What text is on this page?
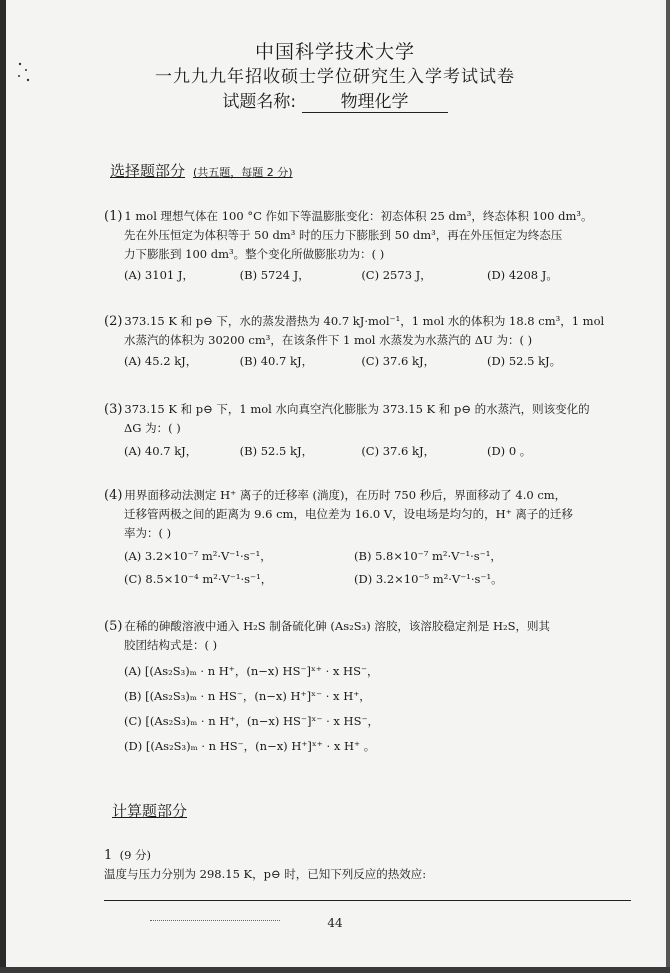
中国科学技术大学
一九九九年招收硕士学位研究生入学考试试卷
试题名称:	物理化学
选择题部分 (共五题，每题 2 分)

(1) 1 mol 理想气体在 100 °C 作如下等温膨胀变化：初态体积 25 dm³，终态体积 100 dm³。

先在外压恒定为体积等于 50 dm³ 时的压力下膨胀到 50 dm³，再在外压恒定为终态压

力下膨胀到 100 dm³。整个变化所做膨胀功为：( )

(A) 3101 J，	(B) 5724 J，	(C) 2573 J，	(D) 4208 J。

(2) 373.15 K 和 p⊖ 下，水的蒸发潜热为 40.7 kJ·mol⁻¹，1 mol 水的体积为 18.8 cm³，1 mol

水蒸汽的体积为 30200 cm³，在该条件下 1 mol 水蒸发为水蒸汽的 ΔU 为：( )

(A) 45.2 kJ，	(B) 40.7 kJ，	(C) 37.6 kJ，	(D) 52.5 kJ。

(3) 373.15 K 和 p⊖ 下，1 mol 水向真空汽化膨胀为 373.15 K 和 p⊖ 的水蒸汽，则该变化的

ΔG 为：( )

(A) 40.7 kJ，	(B) 52.5 kJ，	(C) 37.6 kJ，	(D) 0 。

(4) 用界面移动法测定 H⁺ 离子的迁移率 (淌度)，在历时 750 秒后，界面移动了 4.0 cm，

迁移管两极之间的距离为 9.6 cm，电位差为 16.0 V，设电场是均匀的，H⁺ 离子的迁移

率为：( )

(A) 3.2×10⁻⁷ m²·V⁻¹·s⁻¹，	(B) 5.8×10⁻⁷ m²·V⁻¹·s⁻¹，
(C) 8.5×10⁻⁴ m²·V⁻¹·s⁻¹，	(D) 3.2×10⁻⁵ m²·V⁻¹·s⁻¹。

(5) 在稀的砷酸溶液中通入 H₂S 制备硫化砷 (As₂S₃) 溶胶，该溶胶稳定剂是 H₂S，则其

胶团结构式是：( )

(A) [(As₂S₃)ₘ · n H⁺，(n−x) HS⁻]ˣ⁺ · x HS⁻，
(B) [(As₂S₃)ₘ · n HS⁻，(n−x) H⁺]ˣ⁻ · x H⁺，
(C) [(As₂S₃)ₘ · n H⁺，(n−x) HS⁻]ˣ⁻ · x HS⁻，
(D) [(As₂S₃)ₘ · n HS⁻，(n−x) H⁺]ˣ⁺ · x H⁺ 。
计算题部分

1 (9 分)

温度与压力分别为 298.15 K，p⊖ 时，已知下列反应的热效应:

44
